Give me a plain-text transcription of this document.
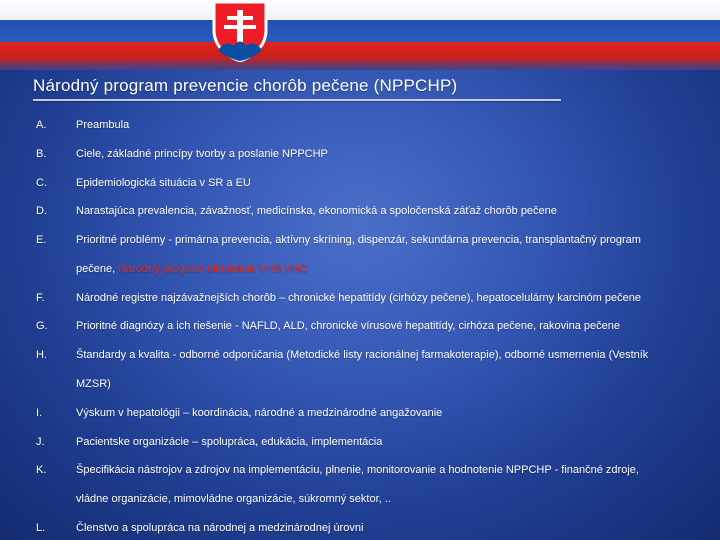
Národný program prevencie chorôb pečene (NPPCHP)
A.	Preambula
B.	Ciele, základné princípy tvorby a poslanie NPPCHP
C.	Epidemiologická situácia v SR a EU
D.	Narastajúca prevalencia, závažnosť, medicínska, ekonomická a spoločenská záťaž chorôb pečene
E.	Prioritné problémy - primárna prevencia, aktívny skríning, dispenzár, sekundárna prevencia, transplantačný program
pečene, Národný program eliminácie VHB,VHC
F.	Národné registre najzávažnejších chorôb – chronické hepatitídy (cirhózy pečene), hepatocelulárny karcinóm pečene
G.	Prioritné diagnózy a ich riešenie - NAFLD, ALD, chronické vírusové hepatitídy, cirhóza pečene, rakovina pečene
H.	Štandardy a kvalita - odborné odporúčania (Metodické listy racionálnej farmakoterapie), odborné usmernenia (Vestník
MZSR)
I.	Výskum v hepatológii – koordinácia, národné a medzinárodné angažovanie
J.	Pacientske organizácie – spolupráca, edukácia, implementácia
K.	Špecifikácia nástrojov a zdrojov na implementáciu, plnenie, monitorovanie a hodnotenie NPPCHP - finančné zdroje,
vládne organizácie, mimovládne organizácie, súkromný sektor, ..
L.	Členstvo a spolupráca na národnej a medzinárodnej úrovni
